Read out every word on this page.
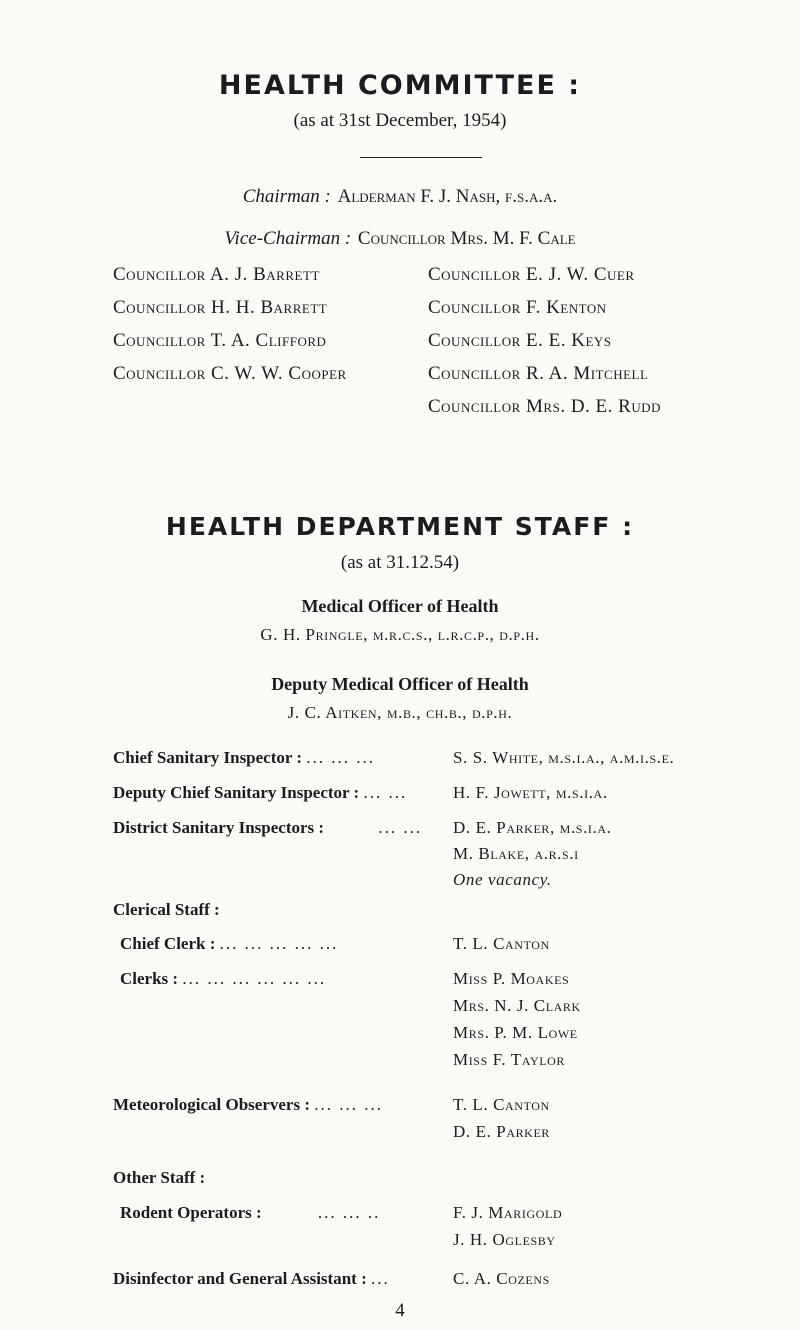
HEALTH COMMITTEE :
(as at 31st December, 1954)
Chairman : Alderman F. J. Nash, f.s.a.a.
Vice-Chairman : Councillor Mrs. M. F. Cale
Councillor A. J. Barrett
Councillor H. H. Barrett
Councillor T. A. Clifford
Councillor C. W. W. Cooper
Councillor E. J. W. Cuer
Councillor F. Kenton
Councillor E. E. Keys
Councillor R. A. Mitchell
Councillor Mrs. D. E. Rudd
HEALTH DEPARTMENT STAFF :
(as at 31.12.54)
Medical Officer of Health
G. H. Pringle, m.r.c.s., l.r.c.p., d.p.h.
Deputy Medical Officer of Health
J. C. Aitken, m.b., ch.b., d.p.h.
Chief Sanitary Inspector : ... ... ...	S. S. White, m.s.i.a., a.m.i.s.e.
Deputy Chief Sanitary Inspector : ... ...	H. F. Jowett, m.s.i.a.
District Sanitary Inspectors :	... ... D. E. Parker, m.s.i.a.
M. Blake, a.r.s.i
One vacancy.
Clerical Staff :
Chief Clerk : ... ... ... ... ...	T. L. Canton
Clerks : ... ... ... ... ... ...	Miss P. Moakes
Mrs. N. J. Clark
Mrs. P. M. Lowe
Miss F. Taylor
Meteorological Observers : ... ... ...	T. L. Canton
D. E. Parker
Other Staff :
Rodent Operators :	... ... ..	F. J. Marigold
J. H. Oglesby
Disinfector and General Assistant : ...	C. A. Cozens
4
